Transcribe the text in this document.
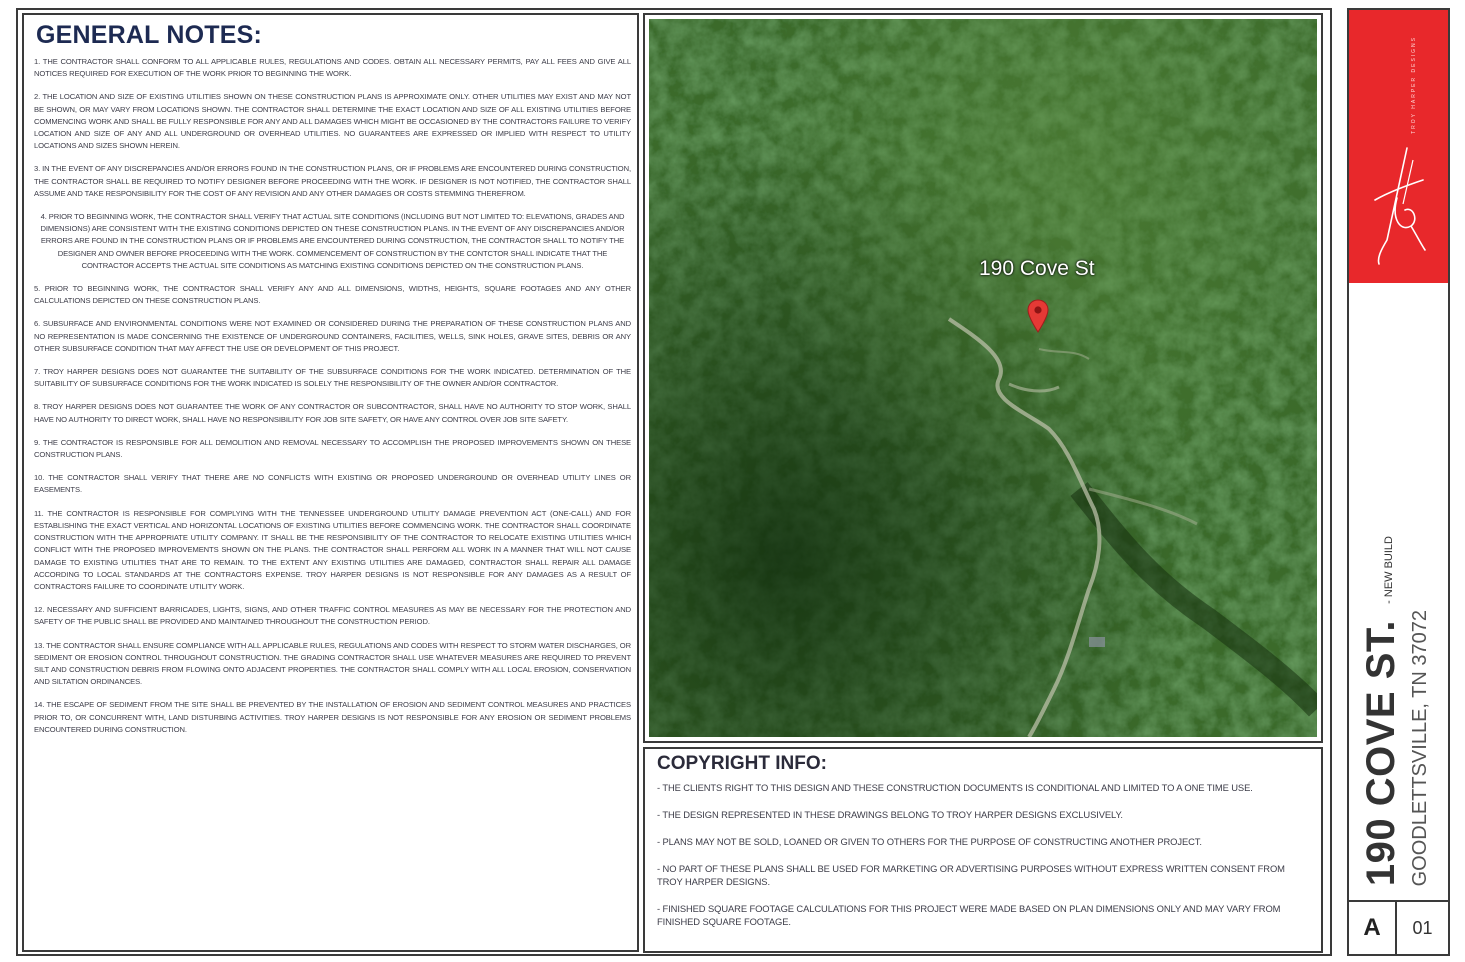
GENERAL NOTES:

1. THE CONTRACTOR SHALL CONFORM TO ALL APPLICABLE RULES, REGULATIONS AND CODES. OBTAIN ALL NECESSARY PERMITS, PAY ALL FEES AND GIVE ALL NOTICES REQUIRED FOR EXECUTION OF THE WORK PRIOR TO BEGINNING THE WORK.

2. THE LOCATION AND SIZE OF EXISTING UTILITIES SHOWN ON THESE CONSTRUCTION PLANS IS APPROXIMATE ONLY. OTHER UTILITIES MAY EXIST AND MAY NOT BE SHOWN, OR MAY VARY FROM LOCATIONS SHOWN. THE CONTRACTOR SHALL DETERMINE THE EXACT LOCATION AND SIZE OF ALL EXISTING UTILITIES BEFORE COMMENCING WORK AND SHALL BE FULLY RESPONSIBLE FOR ANY AND ALL DAMAGES WHICH MIGHT BE OCCASIONED BY THE CONTRACTORS FAILURE TO VERIFY LOCATION AND SIZE OF ANY AND ALL UNDERGROUND OR OVERHEAD UTILITIES. NO GUARANTEES ARE EXPRESSED OR IMPLIED WITH RESPECT TO UTILITY LOCATIONS AND SIZES SHOWN HEREIN.

3. IN THE EVENT OF ANY DISCREPANCIES AND/OR ERRORS FOUND IN THE CONSTRUCTION PLANS, OR IF PROBLEMS ARE ENCOUNTERED DURING CONSTRUCTION, THE CONTRACTOR SHALL BE REQUIRED TO NOTIFY DESIGNER BEFORE PROCEEDING WITH THE WORK. IF DESIGNER IS NOT NOTIFIED, THE CONTRACTOR SHALL ASSUME AND TAKE RESPONSIBILITY FOR THE COST OF ANY REVISION AND ANY OTHER DAMAGES OR COSTS STEMMING THEREFROM.

4. PRIOR TO BEGINNING WORK, THE CONTRACTOR SHALL VERIFY THAT ACTUAL SITE CONDITIONS (INCLUDING BUT NOT LIMITED TO: ELEVATIONS, GRADES AND DIMENSIONS) ARE CONSISTENT WITH THE EXISTING CONDITIONS DEPICTED ON THESE CONSTRUCTION PLANS. IN THE EVENT OF ANY DISCREPANCIES AND/OR ERRORS ARE FOUND IN THE CONSTRUCTION PLANS OR IF PROBLEMS ARE ENCOUNTERED DURING CONSTRUCTION, THE CONTRACTOR SHALL TO NOTIFY THE DESIGNER AND OWNER BEFORE PROCEEDING WITH THE WORK. COMMENCEMENT OF CONSTRUCTION BY THE CONTCTOR SHALL INDICATE THAT THE CONTRACTOR ACCEPTS THE ACTUAL SITE CONDITIONS AS MATCHING EXISTING CONDITIONS DEPICTED ON THE CONSTRUCTION PLANS.

5. PRIOR TO BEGINNING WORK, THE CONTRACTOR SHALL VERIFY ANY AND ALL DIMENSIONS, WIDTHS, HEIGHTS, SQUARE FOOTAGES AND ANY OTHER CALCULATIONS DEPICTED ON THESE CONSTRUCTION PLANS.

6. SUBSURFACE AND ENVIRONMENTAL CONDITIONS WERE NOT EXAMINED OR CONSIDERED DURING THE PREPARATION OF THESE CONSTRUCTION PLANS AND NO REPRESENTATION IS MADE CONCERNING THE EXISTENCE OF UNDERGROUND CONTAINERS, FACILITIES, WELLS, SINK HOLES, GRAVE SITES, DEBRIS OR ANY OTHER SUBSURFACE CONDITION THAT MAY AFFECT THE USE OR DEVELOPMENT OF THIS PROJECT.

7. TROY HARPER DESIGNS DOES NOT GUARANTEE THE SUITABILITY OF THE SUBSURFACE CONDITIONS FOR THE WORK INDICATED. DETERMINATION OF THE SUITABILITY OF SUBSURFACE CONDITIONS FOR THE WORK INDICATED IS SOLELY THE RESPONSIBILITY OF THE OWNER AND/OR CONTRACTOR.

8. TROY HARPER DESIGNS DOES NOT GUARANTEE THE WORK OF ANY CONTRACTOR OR SUBCONTRACTOR, SHALL HAVE NO AUTHORITY TO STOP WORK, SHALL HAVE NO AUTHORITY TO DIRECT WORK, SHALL HAVE NO RESPONSIBILITY FOR JOB SITE SAFETY, OR HAVE ANY CONTROL OVER JOB SITE SAFETY.

9. THE CONTRACTOR IS RESPONSIBLE FOR ALL DEMOLITION AND REMOVAL NECESSARY TO ACCOMPLISH THE PROPOSED IMPROVEMENTS SHOWN ON THESE CONSTRUCTION PLANS.

10. THE CONTRACTOR SHALL VERIFY THAT THERE ARE NO CONFLICTS WITH EXISTING OR PROPOSED UNDERGROUND OR OVERHEAD UTILITY LINES OR EASEMENTS.

11. THE CONTRACTOR IS RESPONSIBLE FOR COMPLYING WITH THE TENNESSEE UNDERGROUND UTILITY DAMAGE PREVENTION ACT (ONE-CALL) AND FOR ESTABLISHING THE EXACT VERTICAL AND HORIZONTAL LOCATIONS OF EXISTING UTILITIES BEFORE COMMENCING WORK. THE CONTRACTOR SHALL COORDINATE CONSTRUCTION WITH THE APPROPRIATE UTILITY COMPANY. IT SHALL BE THE RESPONSIBILITY OF THE CONTRACTOR TO RELOCATE EXISTING UTILITIES WHICH CONFLICT WITH THE PROPOSED IMPROVEMENTS SHOWN ON THE PLANS. THE CONTRACTOR SHALL PERFORM ALL WORK IN A MANNER THAT WILL NOT CAUSE DAMAGE TO EXISTING UTILITIES THAT ARE TO REMAIN. TO THE EXTENT ANY EXISTING UTILITIES ARE DAMAGED, CONTRACTOR SHALL REPAIR ALL DAMAGE ACCORDING TO LOCAL STANDARDS AT THE CONTRACTORS EXPENSE. TROY HARPER DESIGNS IS NOT RESPONSIBLE FOR ANY DAMAGES AS A RESULT OF CONTRACTORS FAILURE TO COORDINATE UTILITY WORK.

12. NECESSARY AND SUFFICIENT BARRICADES, LIGHTS, SIGNS, AND OTHER TRAFFIC CONTROL MEASURES AS MAY BE NECESSARY FOR THE PROTECTION AND SAFETY OF THE PUBLIC SHALL BE PROVIDED AND MAINTAINED THROUGHOUT THE CONSTRUCTION PERIOD.

13. THE CONTRACTOR SHALL ENSURE COMPLIANCE WITH ALL APPLICABLE RULES, REGULATIONS AND CODES WITH RESPECT TO STORM WATER DISCHARGES, OR SEDIMENT OR EROSION CONTROL THROUGHOUT CONSTRUCTION. THE GRADING CONTRACTOR SHALL USE WHATEVER MEASURES ARE REQUIRED TO PREVENT SILT AND CONSTRUCTION DEBRIS FROM FLOWING ONTO ADJACENT PROPERTIES. THE CONTRACTOR SHALL COMPLY WITH ALL LOCAL EROSION, CONSERVATION AND SILTATION ORDINANCES.

14. THE ESCAPE OF SEDIMENT FROM THE SITE SHALL BE PREVENTED BY THE INSTALLATION OF EROSION AND SEDIMENT CONTROL MEASURES AND PRACTICES PRIOR TO, OR CONCURRENT WITH, LAND DISTURBING ACTIVITIES. TROY HARPER DESIGNS IS NOT RESPONSIBLE FOR ANY EROSION OR SEDIMENT PROBLEMS ENCOUNTERED DURING CONSTRUCTION.

190 Cove St
COPYRIGHT INFO:

- THE CLIENTS RIGHT TO THIS DESIGN AND THESE CONSTRUCTION DOCUMENTS IS CONDITIONAL AND LIMITED TO A ONE TIME USE.

- THE DESIGN REPRESENTED IN THESE DRAWINGS BELONG TO TROY HARPER DESIGNS EXCLUSIVELY.

- PLANS MAY NOT BE SOLD, LOANED OR GIVEN TO OTHERS FOR THE PURPOSE OF CONSTRUCTING ANOTHER PROJECT.

- NO PART OF THESE PLANS SHALL BE USED FOR MARKETING OR ADVERTISING PURPOSES WITHOUT EXPRESS WRITTEN CONSENT FROM TROY HARPER DESIGNS.

- FINISHED SQUARE FOOTAGE CALCULATIONS FOR THIS PROJECT WERE MADE BASED ON PLAN DIMENSIONS ONLY AND MAY VARY FROM FINISHED SQUARE FOOTAGE.

TROY HARPER DESIGNS
190 COVE ST.
- NEW BUILD
GOODLETTSVILLE, TN 37072
A	01
